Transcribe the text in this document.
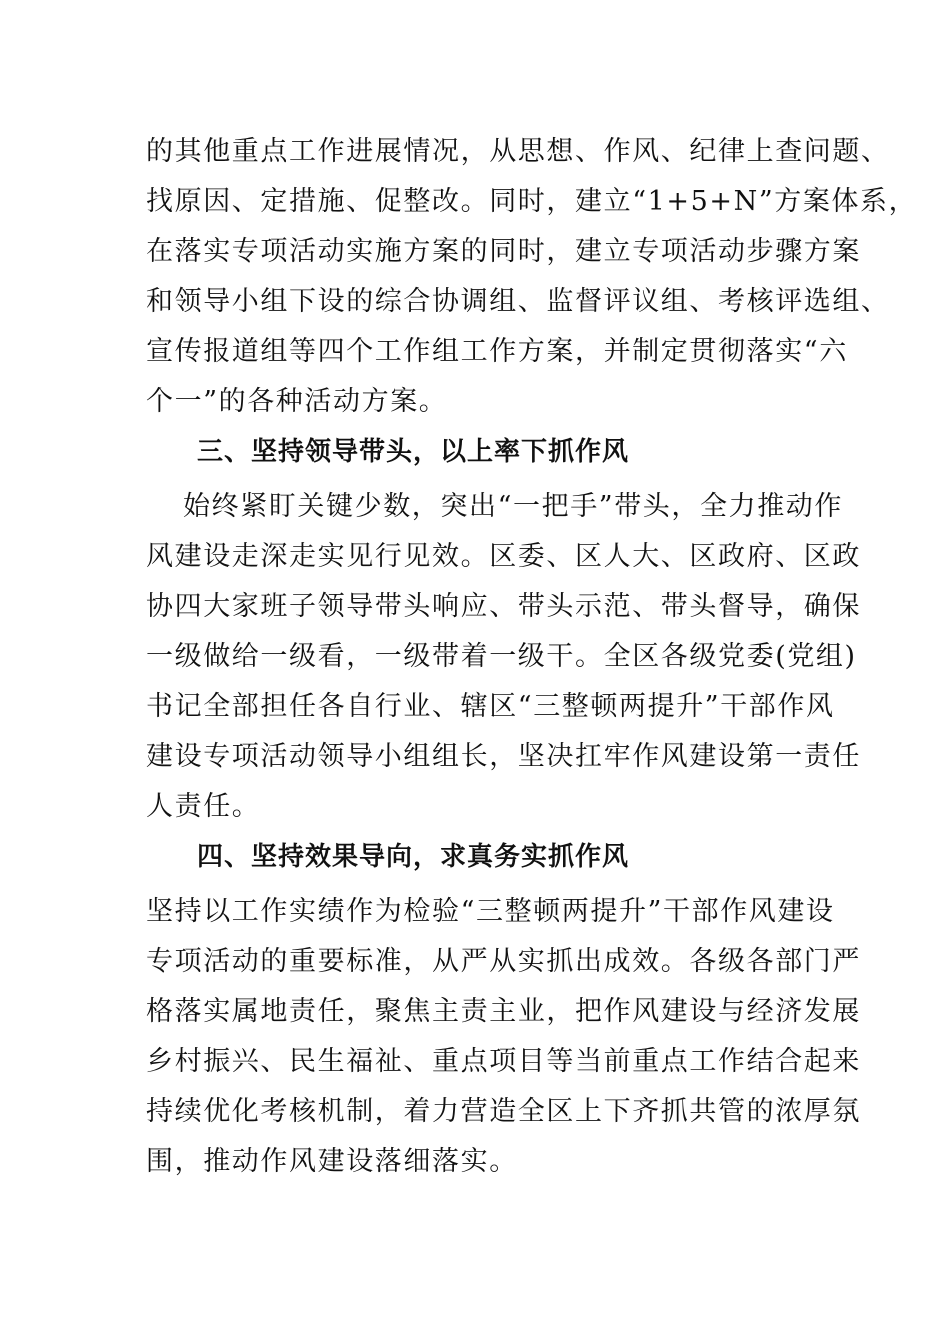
的其他重点工作进展情况，从思想、作风、纪律上查问题、
找原因、定措施、促整改。同时，建立“1+5+N”方案体系，
在落实专项活动实施方案的同时，建立专项活动步骤方案
和领导小组下设的综合协调组、监督评议组、考核评选组、
宣传报道组等四个工作组工作方案，并制定贯彻落实“六
个一”的各种活动方案。
三、坚持领导带头，以上率下抓作风
始终紧盯关键少数，突出“一把手”带头，全力推动作
风建设走深走实见行见效。区委、区人大、区政府、区政
协四大家班子领导带头响应、带头示范、带头督导，确保
一级做给一级看，一级带着一级干。全区各级党委(党组)
书记全部担任各自行业、辖区“三整顿两提升”干部作风
建设专项活动领导小组组长，坚决扛牢作风建设第一责任
人责任。
四、坚持效果导向，求真务实抓作风
坚持以工作实绩作为检验“三整顿两提升”干部作风建设
专项活动的重要标准，从严从实抓出成效。各级各部门严
格落实属地责任，聚焦主责主业，把作风建设与经济发展
乡村振兴、民生福祉、重点项目等当前重点工作结合起来
持续优化考核机制，着力营造全区上下齐抓共管的浓厚氛
围，推动作风建设落细落实。
